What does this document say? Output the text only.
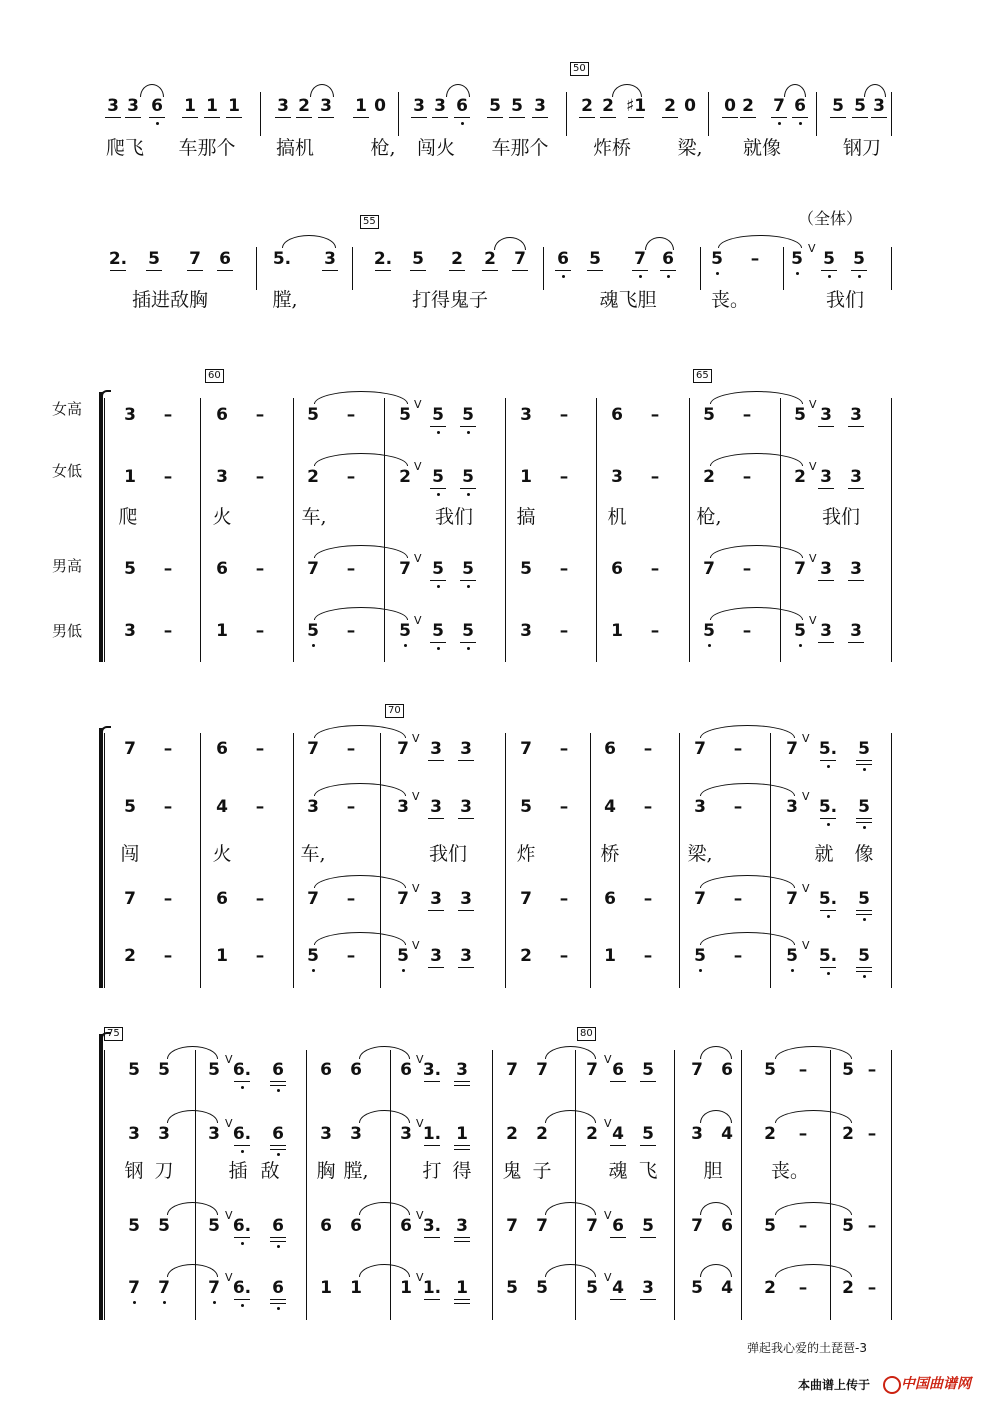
3 3 6 1 1 1 3 2 3 1 0 3 3 6 5 5 3
50
2 2 ♯1 2 0 0 2 7 6 5 5 3
爬飞 车那个 搞机	枪, 闯火 车那个 炸桥 梁, 就像	钢刀
（全体）
2. 5 7 6 5. 3
55
2. 5 2 2 7 6 5 7 6 5 – 5
V
5 5
插进敌胸	膛,	打得鬼子	魂飞胆	丧。	我们
女高
女低
男高
男低
60	65
3 –	6 –	5 –	5	3 –	6 –	5 –	5
V	V
5 5	3 3
1 –	3 –	2 –	2	1 –	3 –	2 –	2
V	V
5 5	3 3
5 –	6 –	7 –	7	5 –	6 –	7 –	7
V	V
5 5	3 3
3 –	1 –	5 –	5	3 –	1 –	5 –	5
V	V
5 5	3 3
爬	火	车,	我们 搞	机	枪,	我们
70
7 –	6 –	7 – 7	7 – 6 – 7 –	7
V	V
3 3	5. 5
5 –	4 –	3 – 3	5 – 4 – 3 –	3
V	V
3 3	5. 5
7 –	6 –	7 – 7	7 – 6 – 7 –	7
V	V
3 3	5. 5
2 –	1 –	5 – 5	2 – 1 – 5 –	5
V	V
3 3	5. 5
闯	火	车,	我们	炸	桥	梁,	就 像
75	80
5 5 5 6. 6 6 6 6 3. 3 7 7 7 6 5 7 6 5	5
V	V	V
–	–
3 3 3 6. 6 3 3 3 1. 1 2 2 2 4 5 3 4 2	2
V	V	V
–	–
5 5 5 6. 6 6 6 6 3. 3 7 7 7 6 5 7 6 5	5
V	V	V
–	–
7 7 7 6. 6 1 1 1 1. 1 5 5 5 4 3 5 4 2	2
V	V	V
–	–
钢 刀	插 敌 胸 膛,	打 得 鬼 子	魂 飞 胆	丧。
弹起我心爱的土琵琶-3
本曲谱上传于 中国曲谱网
